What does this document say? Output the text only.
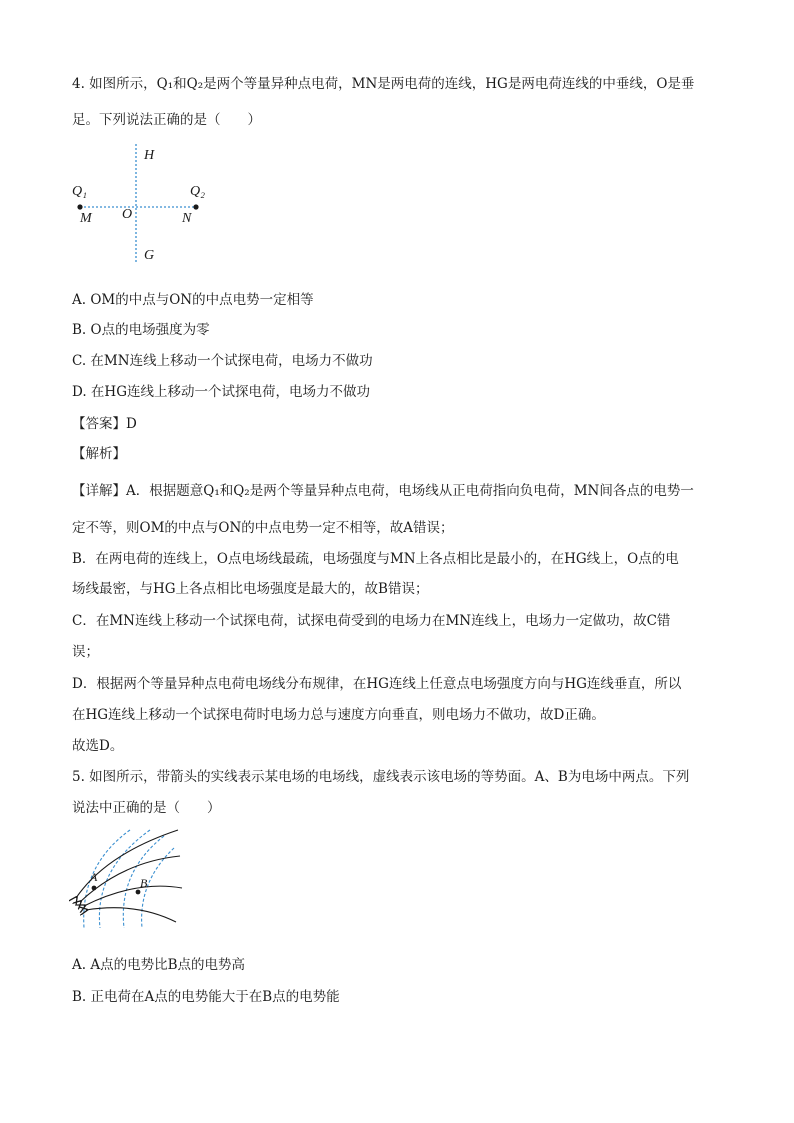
4. 如图所示，Q₁和Q₂是两个等量异种点电荷，MN是两电荷的连线，HG是两电荷连线的中垂线，O是垂
足。下列说法正确的是（　　）
H
G
Q₁	Q₂
M	N
O
A. OM的中点与ON的中点电势一定相等
B. O点的电场强度为零
C. 在MN连线上移动一个试探电荷，电场力不做功
D. 在HG连线上移动一个试探电荷，电场力不做功
【答案】D
【解析】
【详解】A．根据题意Q₁和Q₂是两个等量异种点电荷，电场线从正电荷指向负电荷，MN间各点的电势一
定不等，则OM的中点与ON的中点电势一定不相等，故A错误；
B．在两电荷的连线上，O点电场线最疏，电场强度与MN上各点相比是最小的，在HG线上，O点的电
场线最密，与HG上各点相比电场强度是最大的，故B错误；
C．在MN连线上移动一个试探电荷，试探电荷受到的电场力在MN连线上，电场力一定做功，故C错
误；
D．根据两个等量异种点电荷电场线分布规律，在HG连线上任意点电场强度方向与HG连线垂直，所以
在HG连线上移动一个试探电荷时电场力总与速度方向垂直，则电场力不做功，故D正确。
故选D。
5. 如图所示，带箭头的实线表示某电场的电场线，虚线表示该电场的等势面。A、B为电场中两点。下列
说法中正确的是（　　）
A	B
A. A点的电势比B点的电势高
B. 正电荷在A点的电势能大于在B点的电势能
